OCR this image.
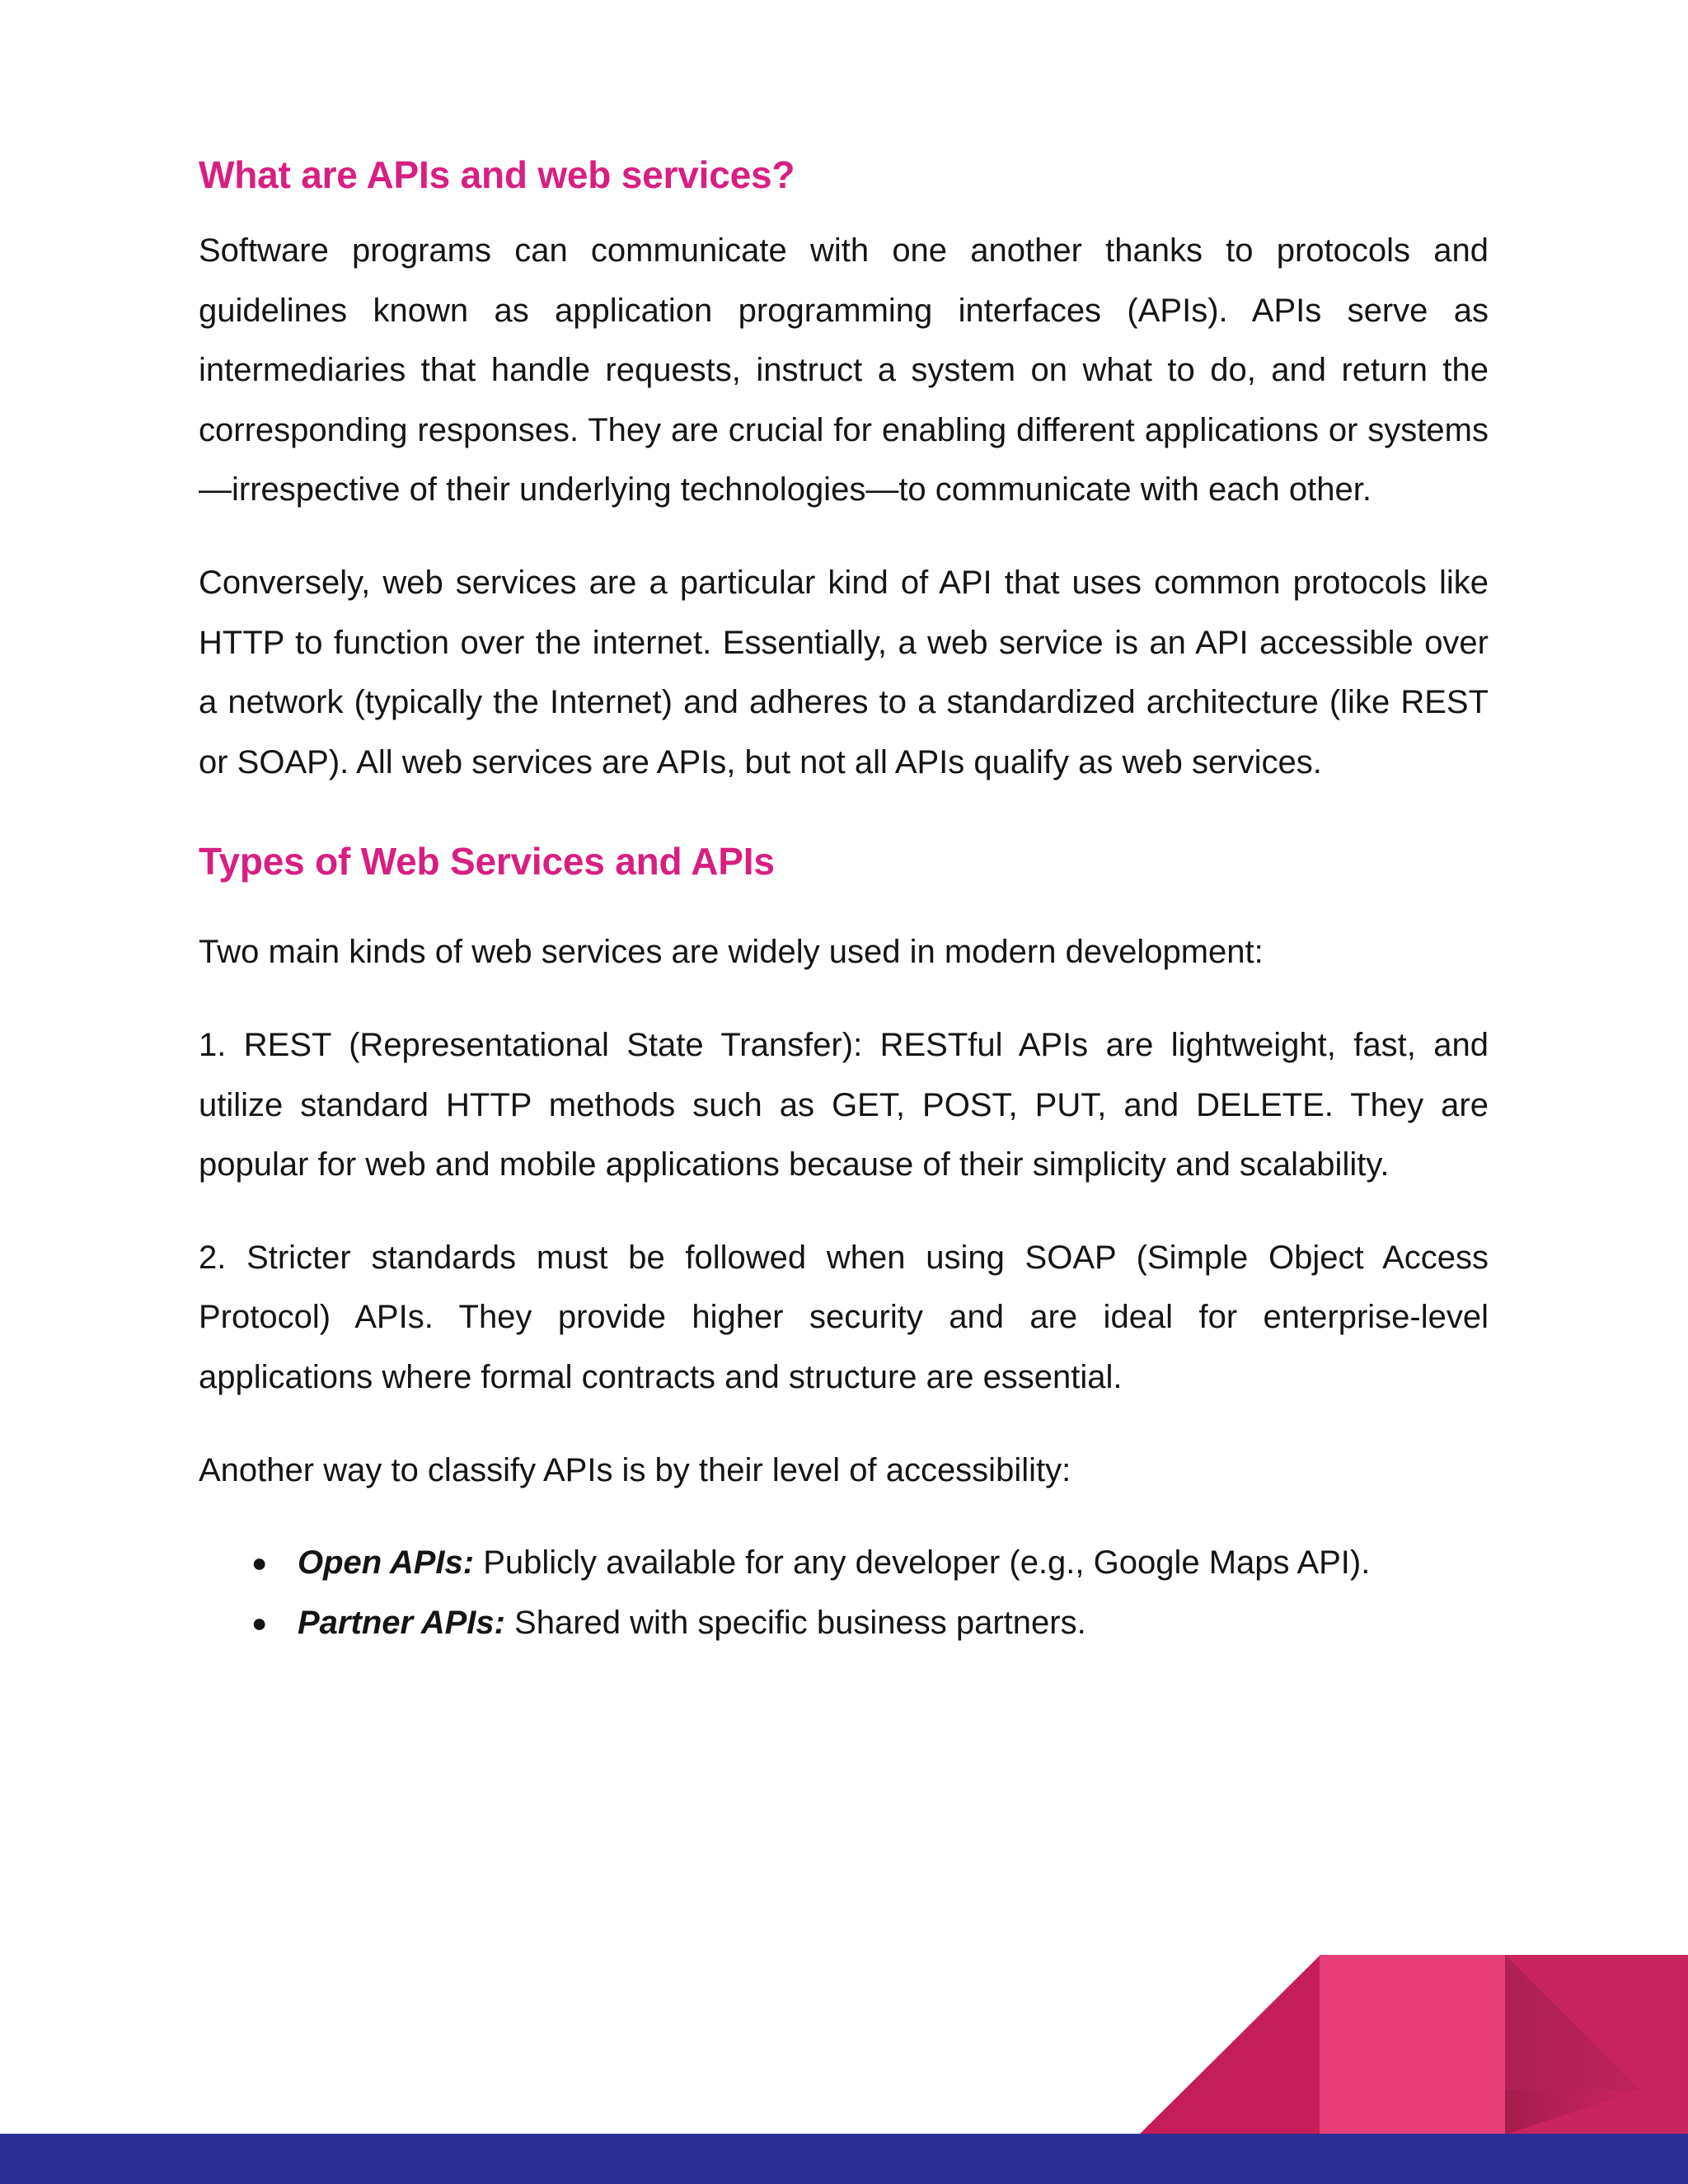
What are APIs and web services?

Software programs can communicate with one another thanks to protocols and guidelines known as application programming interfaces (APIs). APIs serve as intermediaries that handle requests, instruct a system on what to do, and return the corresponding responses. They are crucial for enabling different applications or systems—irrespective of their underlying technologies—to communicate with each other.

Conversely, web services are a particular kind of API that uses common protocols like HTTP to function over the internet. Essentially, a web service is an API accessible over a network (typically the Internet) and adheres to a standardized architecture (like REST or SOAP). All web services are APIs, but not all APIs qualify as web services.

Types of Web Services and APIs

Two main kinds of web services are widely used in modern development:

1. REST (Representational State Transfer): RESTful APIs are lightweight, fast, and utilize standard HTTP methods such as GET, POST, PUT, and DELETE. They are popular for web and mobile applications because of their simplicity and scalability.

2. Stricter standards must be followed when using SOAP (Simple Object Access Protocol) APIs. They provide higher security and are ideal for enterprise-level applications where formal contracts and structure are essential.

Another way to classify APIs is by their level of accessibility:

● Open APIs: Publicly available for any developer (e.g., Google Maps API).
● Partner APIs: Shared with specific business partners.
